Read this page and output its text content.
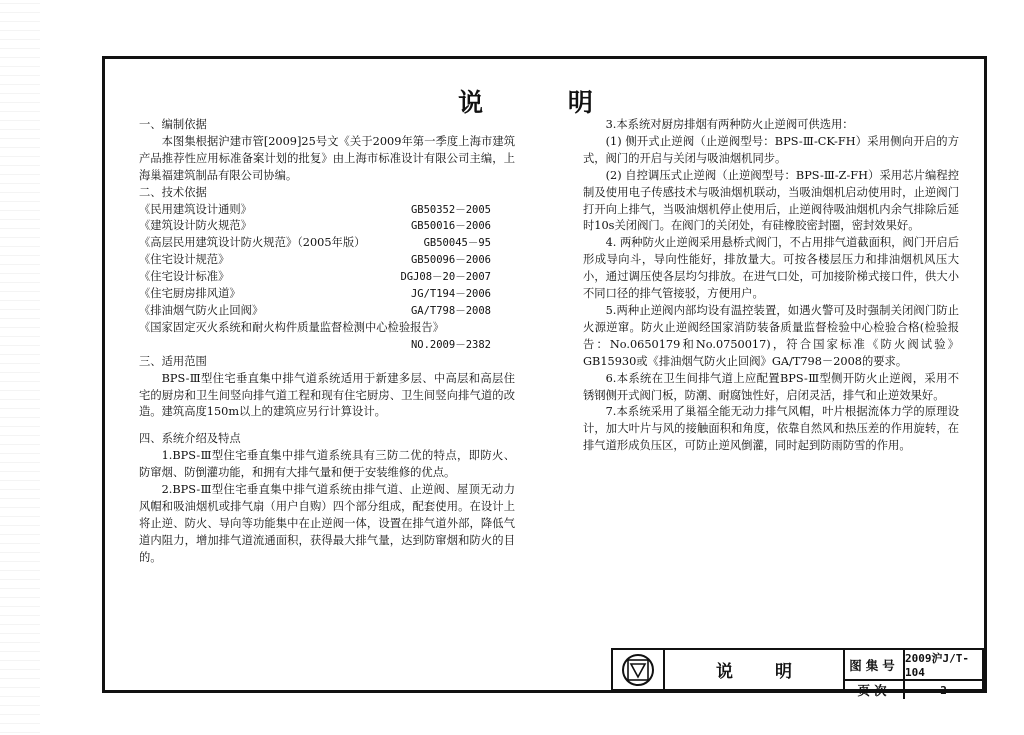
说 明

一、编制依据

本图集根据沪建市管[2009]25号文《关于2009年第一季度上海市建筑产品推荐性应用标准备案计划的批复》由上海市标准设计有限公司主编，上海巢福建筑制品有限公司协编。

二、技术依据

《民用建筑设计通则》	GB50352－2005
《建筑设计防火规范》	GB50016－2006
《高层民用建筑设计防火规范》（2005年版）	GB50045－95
《住宅设计规范》	GB50096－2006
《住宅设计标准》	DGJ08－20－2007
《住宅厨房排风道》	JG/T194－2006
《排油烟气防火止回阀》	GA/T798－2008
《国家固定灭火系统和耐火构件质量监督检测中心检验报告》
NO.2009－2382

三、适用范围

BPS-Ⅲ型住宅垂直集中排气道系统适用于新建多层、中高层和高层住宅的厨房和卫生间竖向排气道工程和现有住宅厨房、卫生间竖向排气道的改造。建筑高度150m以上的建筑应另行计算设计。

四、系统介绍及特点

1.BPS-Ⅲ型住宅垂直集中排气道系统具有三防二优的特点，即防火、防窜烟、防倒灌功能，和拥有大排气量和便于安装维修的优点。

2.BPS-Ⅲ型住宅垂直集中排气道系统由排气道、止逆阀、屋顶无动力风帽和吸油烟机或排气扇（用户自购）四个部分组成，配套使用。在设计上将止逆、防火、导向等功能集中在止逆阀一体，设置在排气道外部，降低气道内阻力，增加排气道流通面积，获得最大排气量，达到防窜烟和防火的目的。

3.本系统对厨房排烟有两种防火止逆阀可供选用：

(1) 侧开式止逆阀（止逆阀型号：BPS-Ⅲ-CK-FH）采用侧向开启的方式，阀门的开启与关闭与吸油烟机同步。

(2) 自控调压式止逆阀（止逆阀型号：BPS-Ⅲ-Z-FH）采用芯片编程控制及使用电子传感技术与吸油烟机联动，当吸油烟机启动使用时，止逆阀门打开向上排气，当吸油烟机停止使用后，止逆阀待吸油烟机内余气排除后延时10s关闭阀门。在阀门的关闭处，有硅橡胶密封圈，密封效果好。

4. 两种防火止逆阀采用悬桥式阀门，不占用排气道截面积，阀门开启后形成导向斗，导向性能好，排放量大。可按各楼层压力和排油烟机风压大小，通过调压使各层均匀排放。在进气口处，可加接阶梯式接口件，供大小不同口径的排气管接驳，方便用户。

5.两种止逆阀内部均设有温控装置，如遇火警可及时强制关闭阀门防止火源逆窜。防火止逆阀经国家消防装备质量监督检验中心检验合格(检验报告：No.0650179和No.0750017)，符合国家标准《防火阀试验》GB15930或《排油烟气防火止回阀》GA/T798－2008的要求。

6.本系统在卫生间排气道上应配置BPS-Ⅲ型侧开防火止逆阀，采用不锈钢侧开式阀门板，防潮、耐腐蚀性好，启闭灵活，排气和止逆效果好。

7.本系统采用了巢福全能无动力排气风帽，叶片根据流体力学的原理设计，加大叶片与风的接触面积和角度，依靠自然风和热压差的作用旋转，在排气道形成负压区，可防止逆风倒灌，同时起到防雨防雪的作用。

说 明	图集号 2009沪J/T-104
页次	2
